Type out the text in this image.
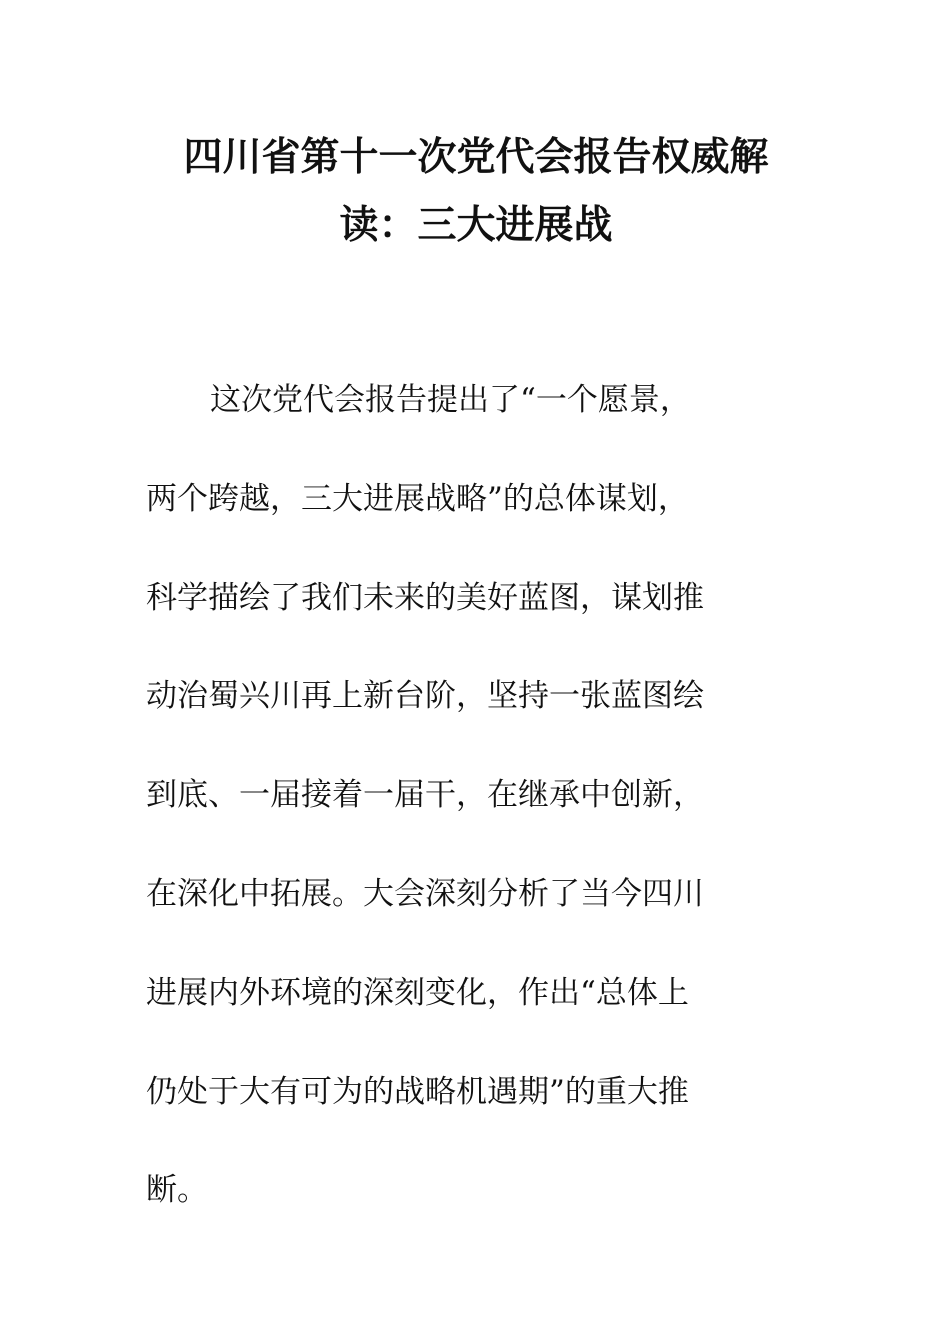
四川省第十一次党代会报告权威解
读：三大进展战
这次党代会报告提出了“一个愿景，
两个跨越，三大进展战略”的总体谋划，
科学描绘了我们未来的美好蓝图，谋划推
动治蜀兴川再上新台阶，坚持一张蓝图绘
到底、一届接着一届干，在继承中创新，
在深化中拓展。大会深刻分析了当今四川
进展内外环境的深刻变化，作出“总体上
仍处于大有可为的战略机遇期”的重大推
断。
